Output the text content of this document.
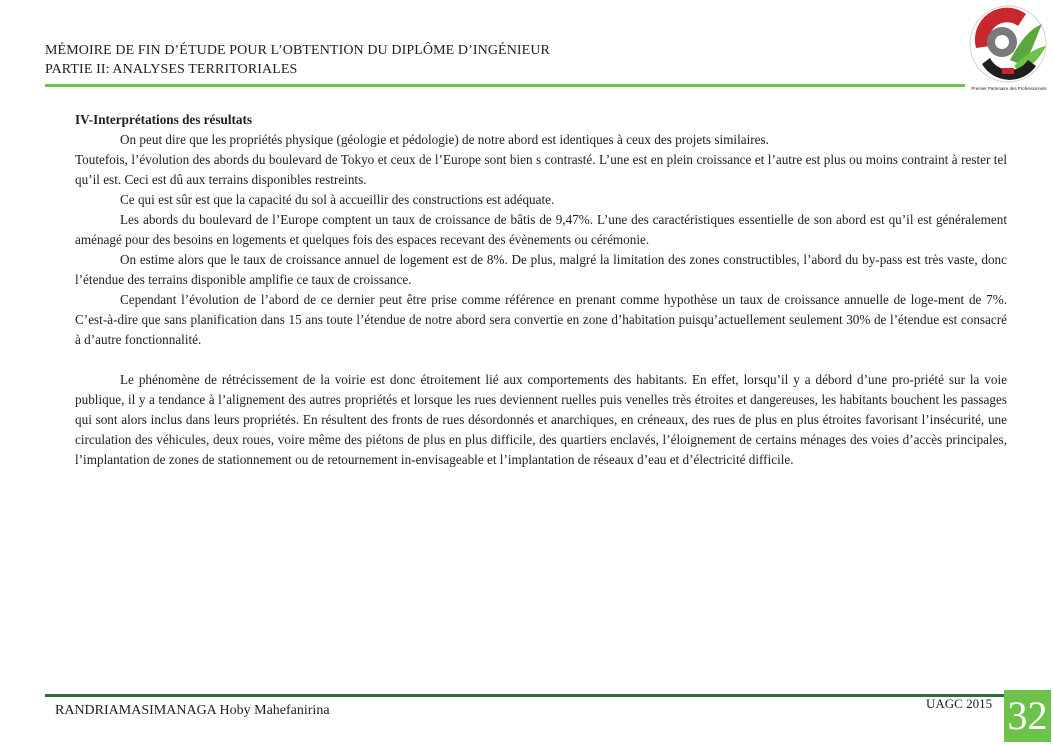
MÉMOIRE DE FIN D’ÉTUDE POUR L’OBTENTION DU DIPLÔME D’INGÉNIEUR
PARTIE II: ANALYSES TERRITORIALES
Premier Partenaire des Professionnels

IV-Interprétations des résultats

On peut dire que les propriétés physique (géologie et pédologie) de notre abord est identiques à ceux des projets similaires.

Toutefois, l’évolution des abords du boulevard de Tokyo et ceux de l’Europe sont bien s contrasté. L’une est en plein croissance et l’autre est plus ou moins contraint à rester tel qu’il est. Ceci est dû aux terrains disponibles restreints.

Ce qui est sûr est que la capacité du sol à accueillir des constructions est adéquate.

Les abords du boulevard de l’Europe comptent un taux de croissance de bâtis de 9,47%. L’une des caractéristiques essentielle de son abord est qu’il est généralement aménagé pour des besoins en logements et quelques fois des espaces recevant des évènements ou cérémonie.

On estime alors que le taux de croissance annuel de logement est de 8%. De plus, malgré la limitation des zones constructibles, l’abord du by-pass est très vaste, donc l’étendue des terrains disponible amplifie ce taux de croissance.

Cependant l’évolution de l’abord de ce dernier peut être prise comme référence en prenant comme hypothèse un taux de croissance annuelle de loge-ment de 7%. C’est-à-dire que sans planification dans 15 ans toute l’étendue de notre abord sera convertie en zone d’habitation puisqu’actuellement seulement 30% de l’étendue est consacré à d’autre fonctionnalité.

Le phénomène de rétrécissement de la voirie est donc étroitement lié aux comportements des habitants. En effet, lorsqu’il y a débord d’une pro-priété sur la voie publique, il y a tendance à l’alignement des autres propriétés et lorsque les rues deviennent ruelles puis venelles très étroites et dangereuses, les habitants bouchent les passages qui sont alors inclus dans leurs propriétés. En résultent des fronts de rues désordonnés et anarchiques, en créneaux, des rues de plus en plus étroites favorisant l’insécurité, une circulation des véhicules, deux roues, voire même des piétons de plus en plus difficile, des quartiers enclavés, l’éloignement de certains ménages des voies d’accès principales, l’implantation de zones de stationnement ou de retournement in-envisageable et l’implantation de réseaux d’eau et d’électricité difficile.

RANDRIAMASIMANAGA Hoby Mahefanirina	UAGC 2015 32
